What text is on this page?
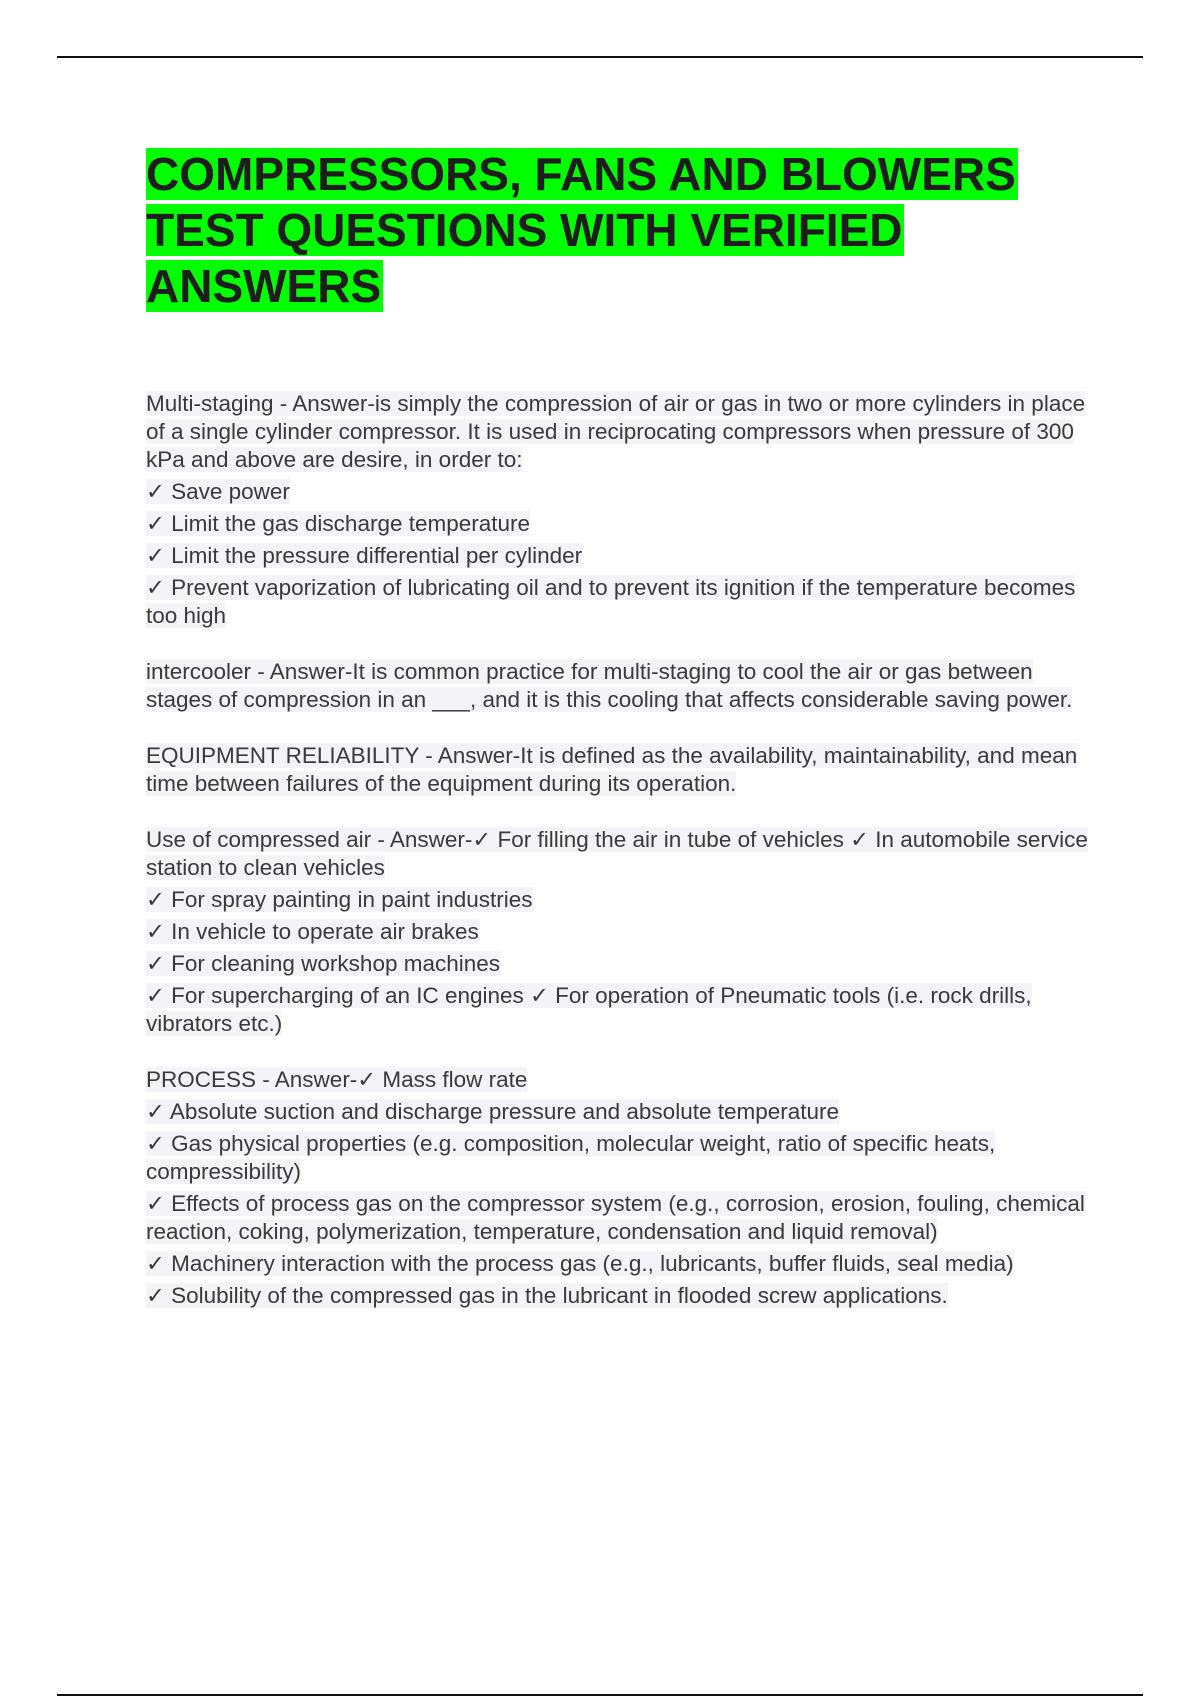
COMPRESSORS, FANS AND BLOWERS TEST QUESTIONS WITH VERIFIED ANSWERS
Multi-staging - Answer-is simply the compression of air or gas in two or more cylinders in place of a single cylinder compressor. It is used in reciprocating compressors when pressure of 300 kPa and above are desire, in order to:
✓ Save power
✓ Limit the gas discharge temperature
✓ Limit the pressure differential per cylinder
✓ Prevent vaporization of lubricating oil and to prevent its ignition if the temperature becomes too high
intercooler - Answer-It is common practice for multi-staging to cool the air or gas between stages of compression in an ___, and it is this cooling that affects considerable saving power.
EQUIPMENT RELIABILITY - Answer-It is defined as the availability, maintainability, and mean time between failures of the equipment during its operation.
Use of compressed air - Answer-✓ For filling the air in tube of vehicles ✓ In automobile service station to clean vehicles
✓ For spray painting in paint industries
✓ In vehicle to operate air brakes
✓ For cleaning workshop machines
✓ For supercharging of an IC engines ✓ For operation of Pneumatic tools (i.e. rock drills, vibrators etc.)
PROCESS - Answer-✓ Mass flow rate
✓ Absolute suction and discharge pressure and absolute temperature
✓ Gas physical properties (e.g. composition, molecular weight, ratio of specific heats, compressibility)
✓ Effects of process gas on the compressor system (e.g., corrosion, erosion, fouling, chemical reaction, coking, polymerization, temperature, condensation and liquid removal)
✓ Machinery interaction with the process gas (e.g., lubricants, buffer fluids, seal media)
✓ Solubility of the compressed gas in the lubricant in flooded screw applications.
